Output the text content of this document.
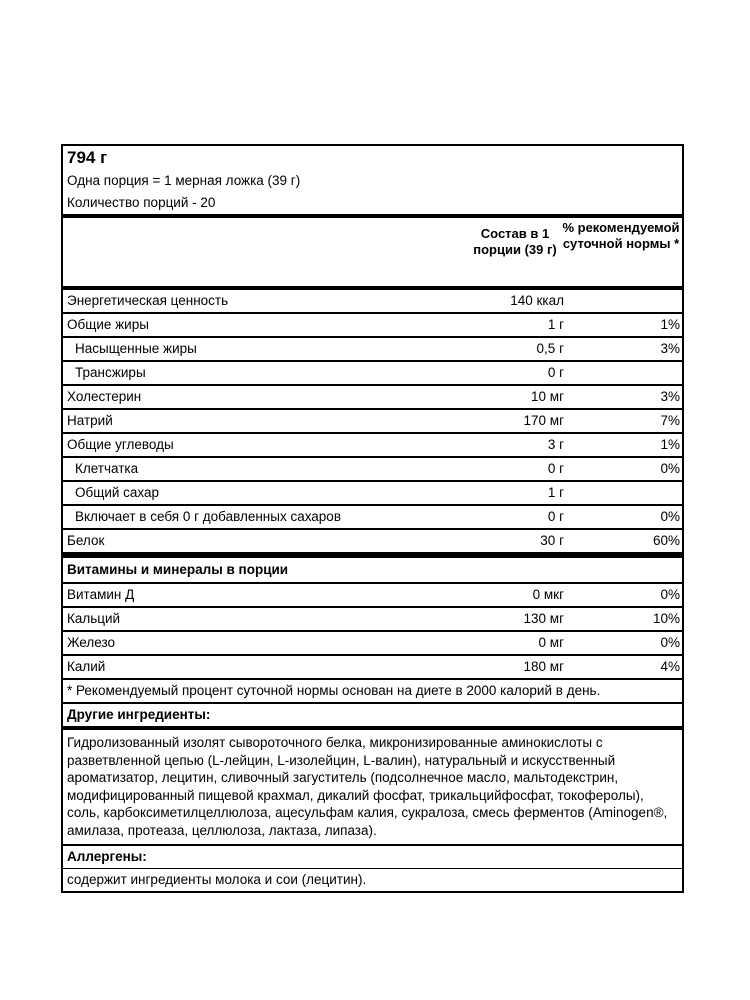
794 г
Одна порция = 1 мерная ложка (39 г)
Количество порций - 20
Состав в 1 порции (39 г)
% рекомендуемой суточной нормы *
Энергетическая ценность	140 ккал
Общие жиры	1 г	1%
Насыщенные жиры	0,5 г	3%
Трансжиры	0 г
Холестерин	10 мг	3%
Натрий	170 мг	7%
Общие углеводы	3 г	1%
Клетчатка	0 г	0%
Общий сахар	1 г
Включает в себя 0 г добавленных сахаров	0 г	0%
Белок	30 г	60%
Витамины и минералы в порции
Витамин Д	0 мкг	0%
Кальций	130 мг	10%
Железо	0 мг	0%
Калий	180 мг	4%
* Рекомендуемый процент суточной нормы основан на диете в 2000 калорий в день.
Другие ингредиенты:
Гидролизованный изолят сывороточного белка, микронизированные аминокислоты с разветвленной цепью (L-лейцин, L-изолейцин, L-валин), натуральный и искусственный ароматизатор, лецитин, сливочный загуститель (подсолнечное масло, мальтодекстрин, модифицированный пищевой крахмал, дикалий фосфат, трикальцийфосфат, токоферолы), соль, карбоксиметилцеллюлоза, ацесульфам калия, сукралоза, смесь ферментов (Aminogen®, амилаза, протеаза, целлюлоза, лактаза, липаза).
Аллергены:
содержит ингредиенты молока и сои (лецитин).
